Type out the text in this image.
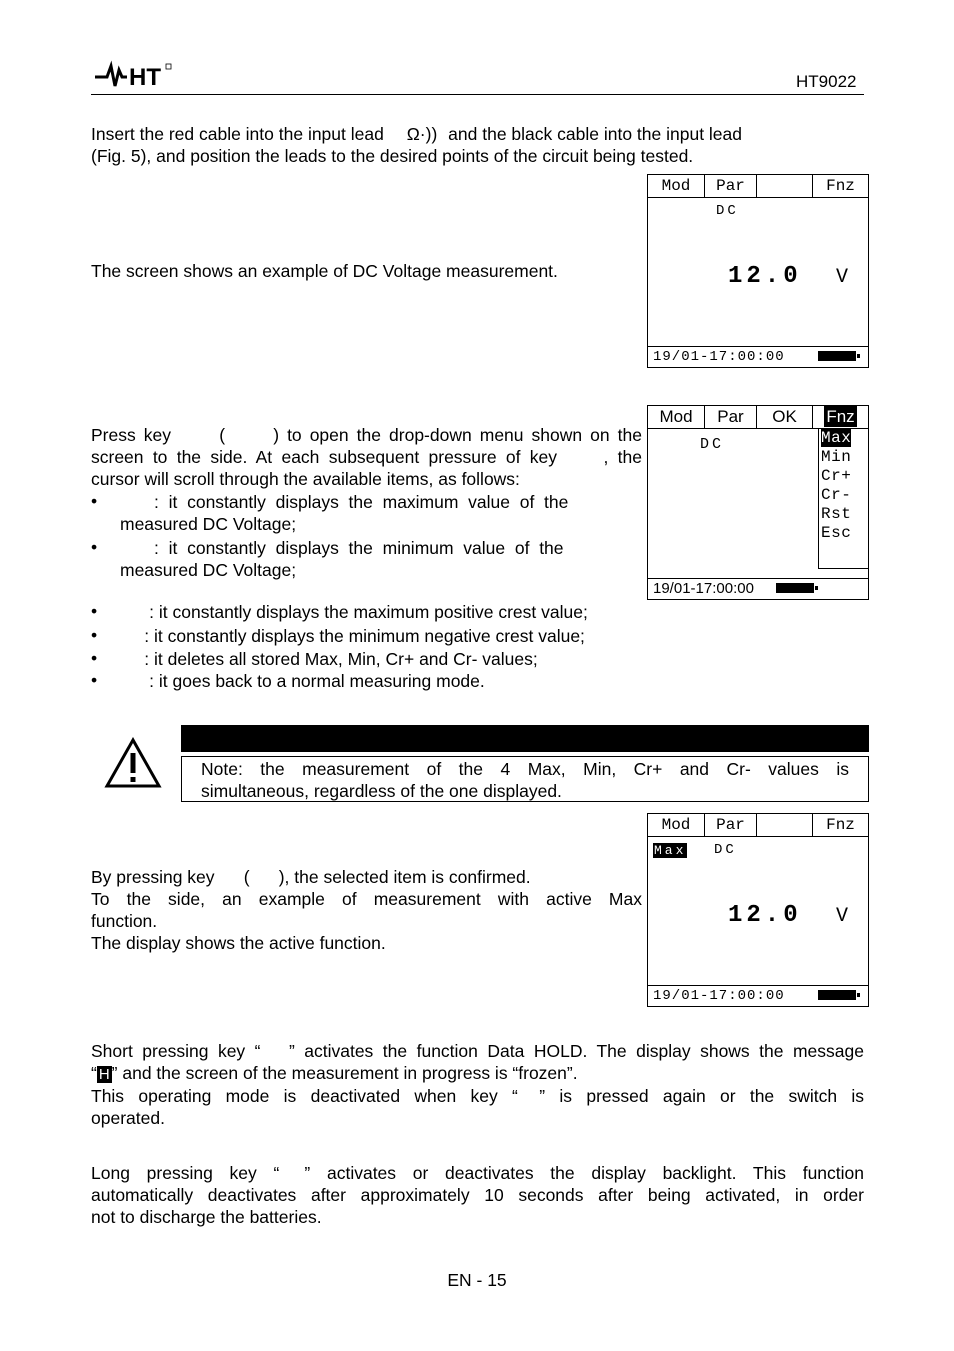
HT	HT9022
Insert the red cable into the input lead Ω·)) and the black cable into the input lead
(Fig. 5), and position the leads to the desired points of the circuit being tested.
Mod	Par	Fnz
DC
12.0 V
19/01-17:00:00
The screen shows an example of DC Voltage measurement.
Mod	Par	OK	Fnz
DC	Max
Min
Cr+
Cr-
Rst
Esc
19/01-17:00:00
Press key      (      ) to open the drop-down menu shown on the
screen to the side. At each subsequent pressure of key     , the
cursor will scroll through the available items, as follows:
• :  it  constantly  displays  the  maximum  value  of  the
measured DC Voltage;
• :  it  constantly  displays  the  minimum  value  of  the
measured DC Voltage;
• : it constantly displays the maximum positive crest value;
• : it constantly displays the minimum negative crest value;
• : it deletes all stored Max, Min, Cr+ and Cr- values;
• : it goes back to a normal measuring mode.
Note:  the  measurement  of  the  4  Max,  Min,  Cr+  and  Cr-  values  is
simultaneous, regardless of the one displayed.
Mod	Par	Fnz
Max DC
12.0 V
19/01-17:00:00
By pressing key      (      ), the selected item is confirmed.
To  the  side,  an  example  of  measurement  with  active  Max
function.
The display shows the active function.
Short pressing key “   ” activates the function Data HOLD. The display shows the message
“ H ” and the screen of the measurement in progress is “frozen”.
This  operating  mode  is  deactivated  when  key  “   ”  is  pressed  again  or  the  switch  is
operated.
Long  pressing  key  “   ”  activates  or  deactivates  the  display  backlight.  This  function
automatically  deactivates  after  approximately  10  seconds  after  being  activated,  in  order
not to discharge the batteries.
EN - 15
